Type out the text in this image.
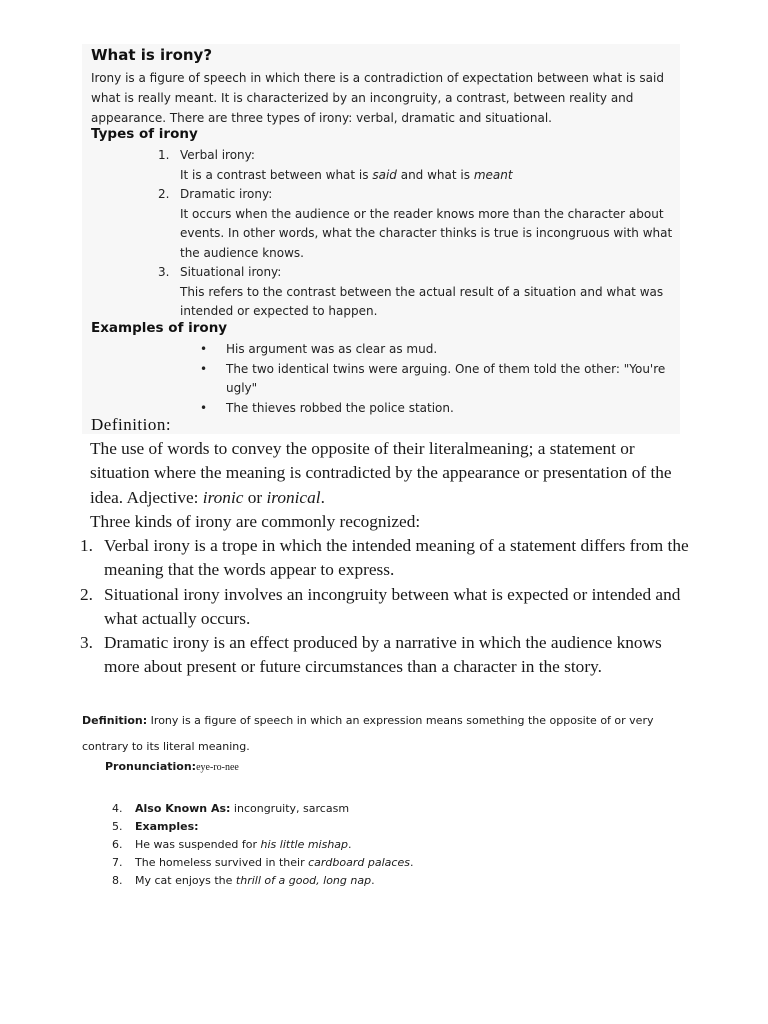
What is irony?
Irony is a figure of speech in which there is a contradiction of expectation between what is said what is really meant. It is characterized by an incongruity, a contrast, between reality and appearance. There are three types of irony: verbal, dramatic and situational.
Types of irony
1. Verbal irony:
It is a contrast between what is said and what is meant
2. Dramatic irony:
It occurs when the audience or the reader knows more than the character about events. In other words, what the character thinks is true is incongruous with what the audience knows.
3. Situational irony:
This refers to the contrast between the actual result of a situation and what was intended or expected to happen.
Examples of irony
• His argument was as clear as mud.
• The two identical twins were arguing. One of them told the other: "You're ugly"
• The thieves robbed the police station.
Definition:
The use of words to convey the opposite of their literalmeaning; a statement or situation where the meaning is contradicted by the appearance or presentation of the idea. Adjective: ironic or ironical.
Three kinds of irony are commonly recognized:
1. Verbal irony is a trope in which the intended meaning of a statement differs from the meaning that the words appear to express.
2. Situational irony involves an incongruity between what is expected or intended and what actually occurs.
3. Dramatic irony is an effect produced by a narrative in which the audience knows more about present or future circumstances than a character in the story.
Definition: Irony is a figure of speech in which an expression means something the opposite of or very contrary to its literal meaning.
Pronunciation:eye-ro-nee
4. Also Known As: incongruity, sarcasm
5. Examples:
6. He was suspended for his little mishap.
7. The homeless survived in their cardboard palaces.
8. My cat enjoys the thrill of a good, long nap.
